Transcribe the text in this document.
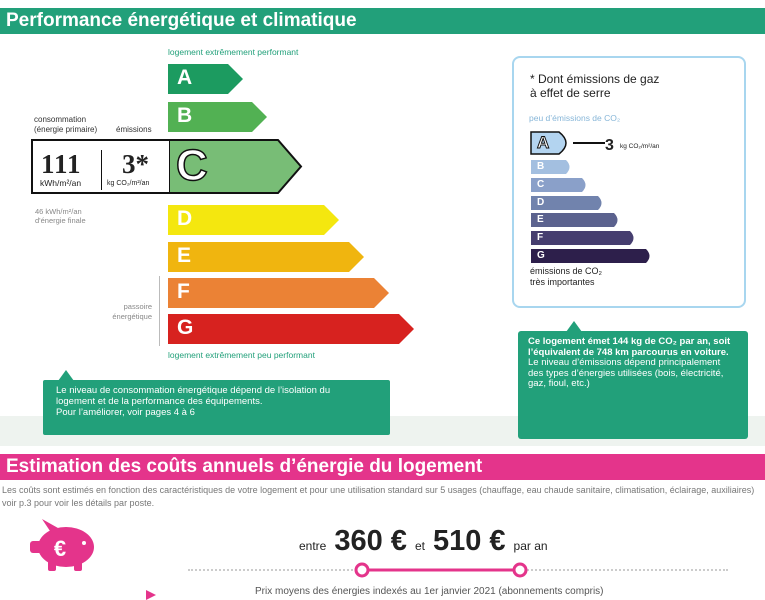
Performance énergétique et climatique
logement extrêmement performant
A
B
C
D
E
F
G
logement extrêmement peu performant
consommation
(énergie primaire) émissions
111
kWh/m²/an
3*
kg CO₂/m²/an
46 kWh/m²/an
d'énergie finale
passoire
énergétique
Le niveau de consommation énergétique dépend de l’isolation du
logement et de la performance des équipements.
Pour l’améliorer, voir pages 4 à 6
* Dont émissions de gaz
à effet de serre
peu d’émissions de CO₂
A	3 kg CO₂/m²/an
B
C
D
E
F
G
émissions de CO₂
très importantes
Ce logement émet 144 kg de CO₂ par an, soit l’équivalent de 748 km parcourus en voiture.
Le niveau d’émissions dépend principalement des types d’énergies utilisées (bois, électricité, gaz, fioul, etc.)
Estimation des coûts annuels d’énergie du logement
Les coûts sont estimés en fonction des caractéristiques de votre logement et pour une utilisation standard sur 5 usages (chauffage, eau chaude sanitaire, climatisation, éclairage, auxiliaires) voir p.3 pour voir les détails par poste.
€	entre 360 € et 510 € par an
Prix moyens des énergies indexés au 1er janvier 2021 (abonnements compris)
